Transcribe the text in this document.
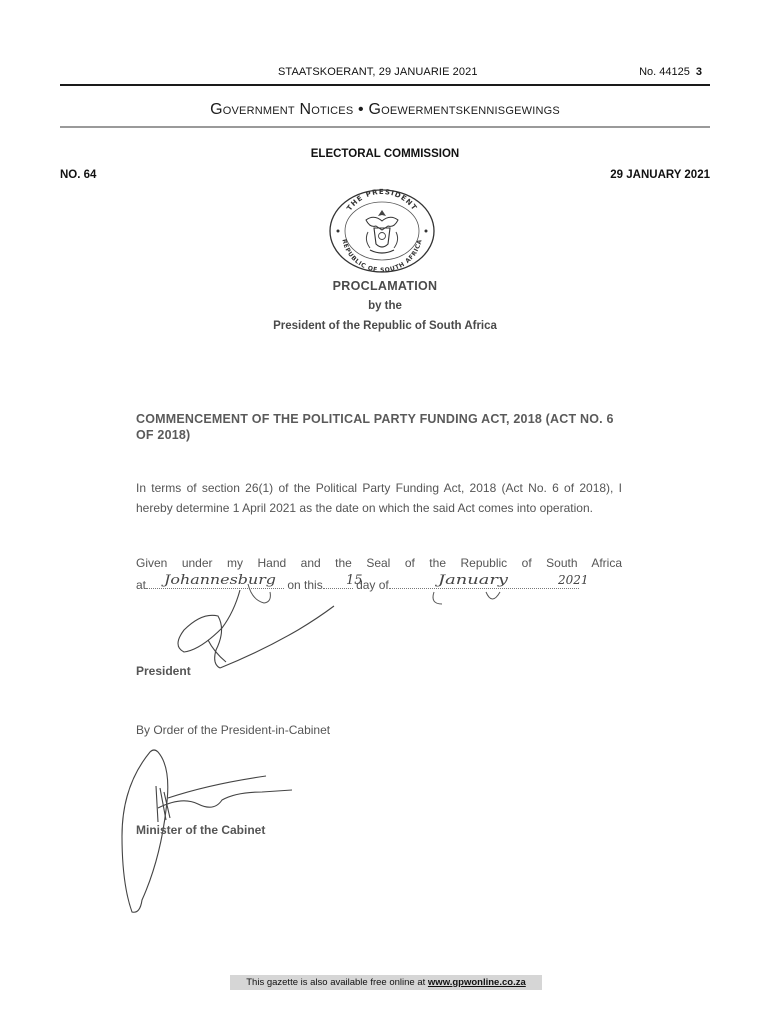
STAATSKOERANT, 29 JANUARIE 2021	No. 44125 3
Government Notices • Goewermentskennisgewings
ELECTORAL COMMISSION
NO. 64	29 JANUARY 2021
THE PRESIDENT
REPUBLIC OF SOUTH AFRICA
PROCLAMATION
by the
President of the Republic of South Africa
COMMENCEMENT OF THE POLITICAL PARTY FUNDING ACT, 2018 (ACT NO. 6 OF 2018)
In terms of section 26(1) of the Political Party Funding Act, 2018 (Act No. 6 of 2018), I hereby determine 1 April 2021 as the date on which the said Act comes into operation.
Given under my Hand and the Seal of the Republic of South Africa
at	on this	day of
Johannesburg	15	January	2021
President
By Order of the President-in-Cabinet
Minister of the Cabinet
This gazette is also available free online at www.gpwonline.co.za
